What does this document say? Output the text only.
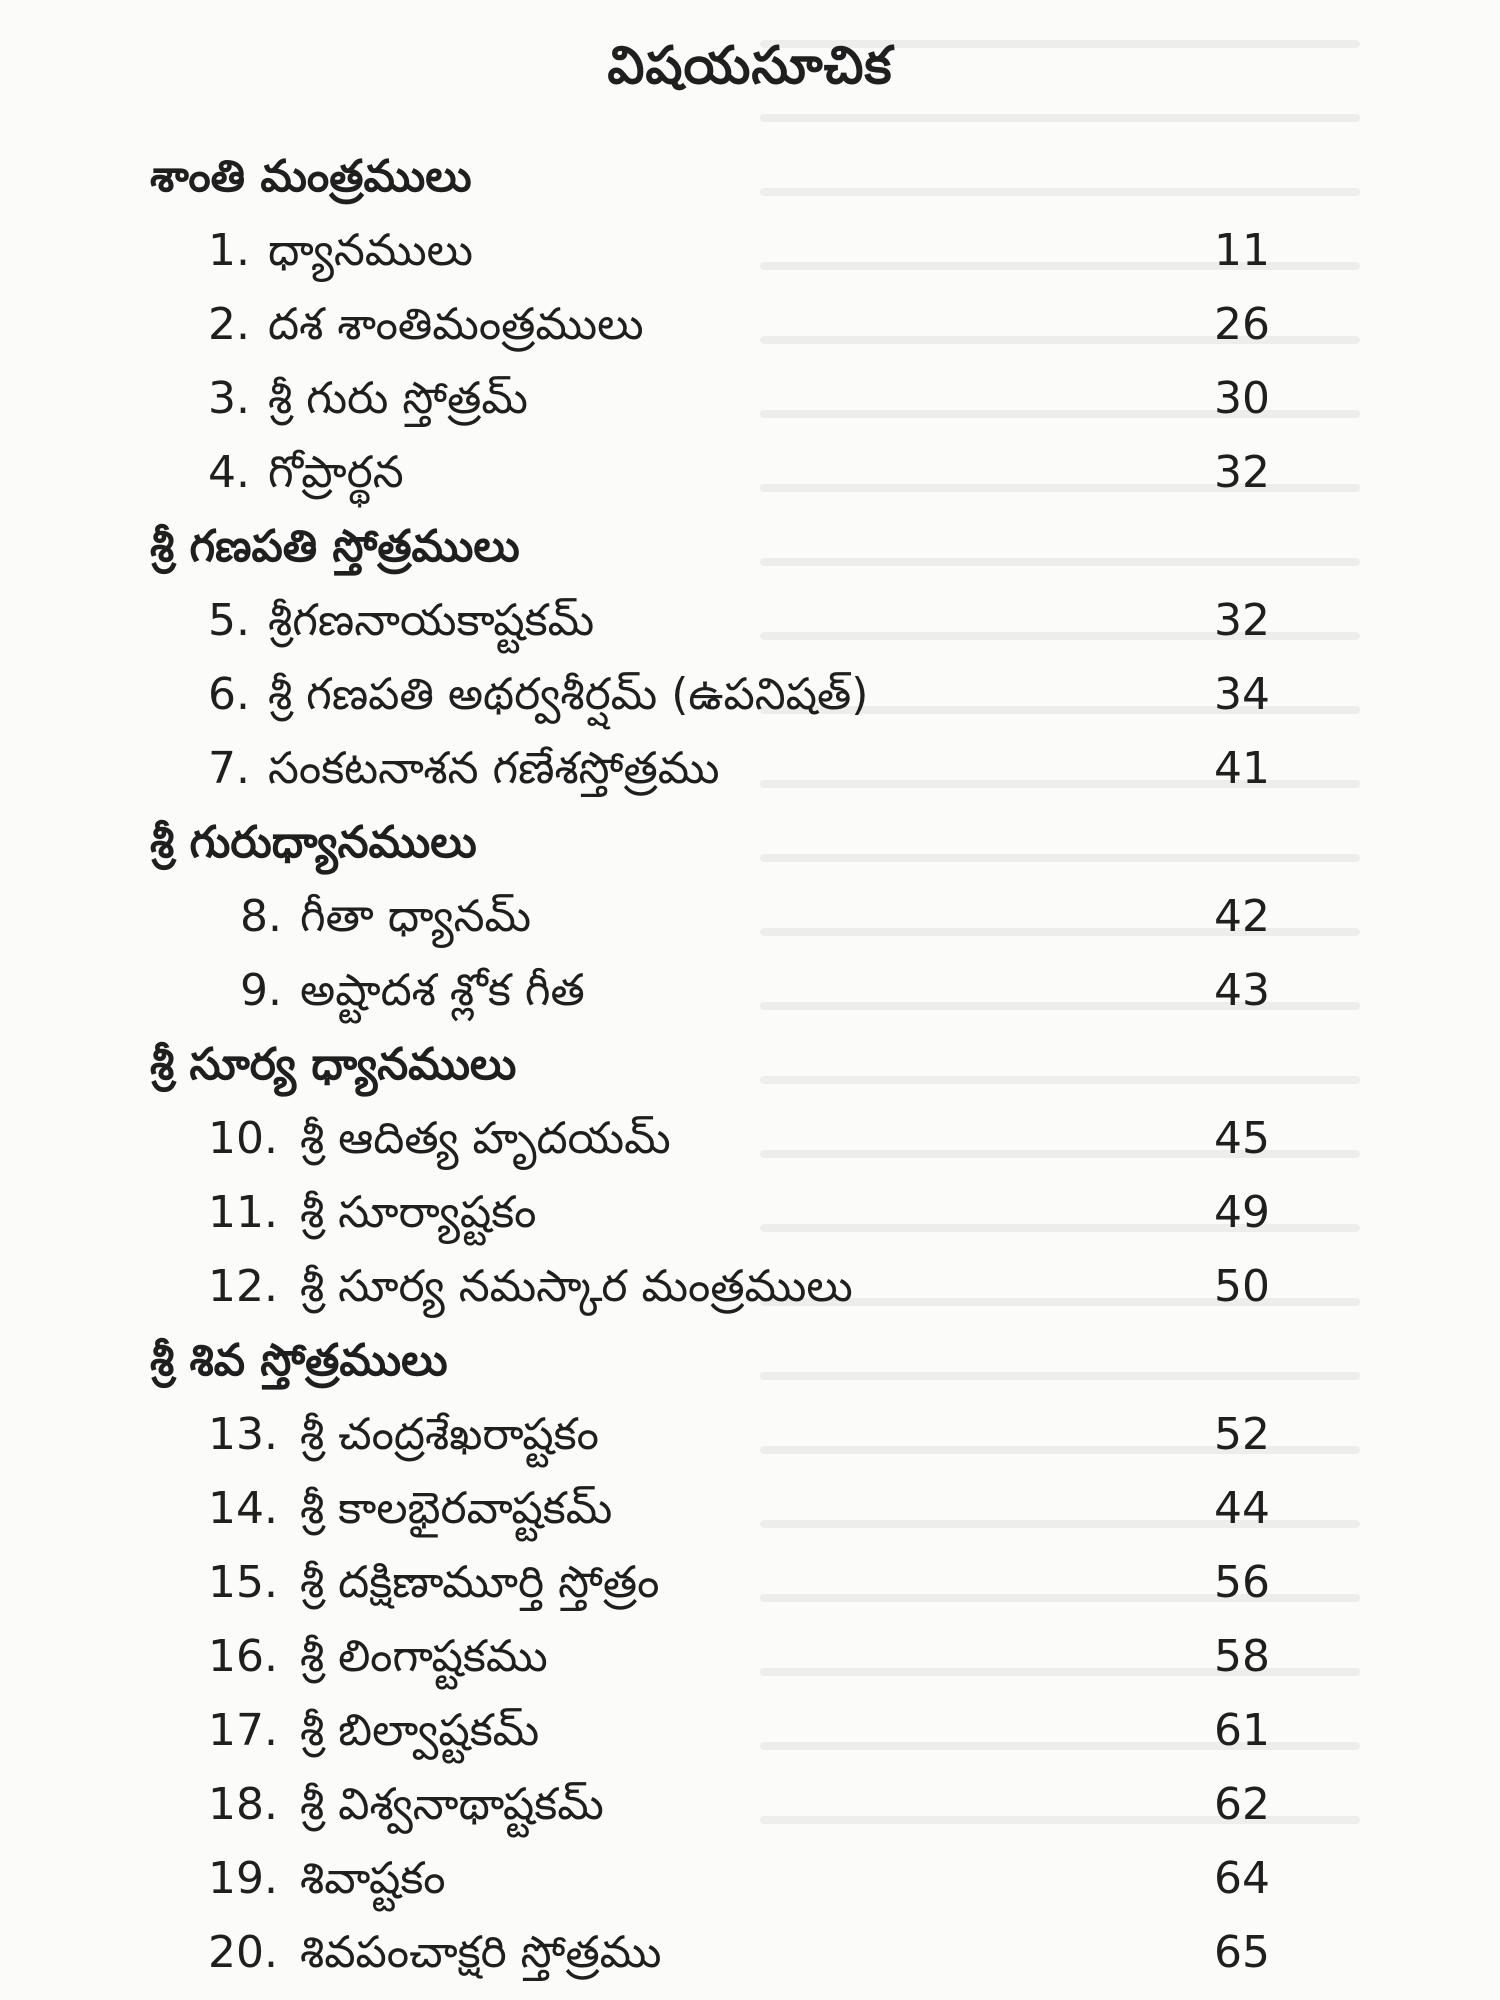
విషయసూచిక
శాంతి మంత్రములు
1. ధ్యానములు	11
2. దశ శాంతిమంత్రములు	26
3. శ్రీ గురు స్తోత్రమ్	30
4. గోప్రార్థన	32
శ్రీ గణపతి స్తోత్రములు
5. శ్రీగణనాయకాష్టకమ్	32
6. శ్రీ గణపతి అథర్వశీర్షమ్ (ఉపనిషత్)	34
7. సంకటనాశన గణేశస్తోత్రము	41
శ్రీ గురుధ్యానములు
8. గీతా ధ్యానమ్	42
9. అష్టాదశ శ్లోక గీత	43
శ్రీ సూర్య ధ్యానములు
10. శ్రీ ఆదిత్య హృదయమ్	45
11. శ్రీ సూర్యాష్టకం	49
12. శ్రీ సూర్య నమస్కార మంత్రములు	50
శ్రీ శివ స్తోత్రములు
13. శ్రీ చంద్రశేఖరాష్టకం	52
14. శ్రీ కాలభైరవాష్టకమ్	44
15. శ్రీ దక్షిణామూర్తి స్తోత్రం	56
16. శ్రీ లింగాష్టకము	58
17. శ్రీ బిల్వాష్టకమ్	61
18. శ్రీ విశ్వనాథాష్టకమ్	62
19. శివాష్టకం	64
20. శివపంచాక్షరి స్తోత్రము	65
